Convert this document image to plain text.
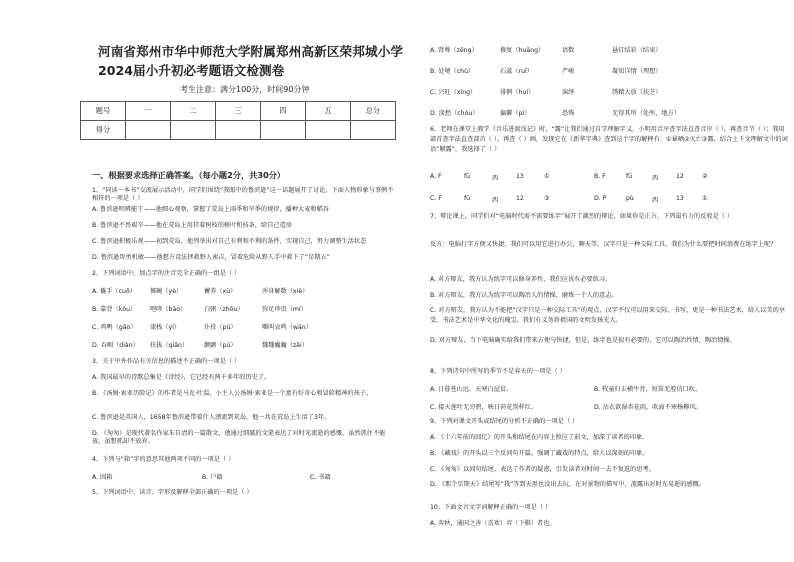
河南省郑州市华中师范大学附属郑州高新区荣邦城小学2024届小升初必考题语文检测卷
考生注意：满分100分，时间90分钟
题号	一	二	三	四	五	总分
得分						
一、根据要求选择正确答案。（每小题2分，共30分）
1、“同读一本书”交流展示活动中，同学们围绕“我眼中的鲁滨逊”这一话题展开了讨论。下面人物形象与事例不相符的一项是（ ）
A. 鲁滨逊明辨能干——他细心观察，掌握了荒岛上雨季和旱季的规律，播种大麦和稻谷
B. 鲁滨逊不畏艰辛——他在荒岛上用挂着树枝的树叶和枝条，给自己造房
C. 鲁滨逊积极乐观——初到荒岛，他列举出对自己有利和不利的条件，实现自己，努力调整生活状态
D. 鲁滨逊智勇机敏——他想方设法拯救野人索吉，冒着危险从野人手中救下了“星期五”
2、下列词语中，加点字的注音完全正确的一组是（ ）
A. 撬手（cuō） 掷碗（yè）	蓄养（xù）	浑身解数（xiè）
B. 靠背（kōu） 咆哮（bāo）	白粥（zhōu）	弥足珍贵（mí）
C. 鸡鸭（gāo） 漆栈（yí）	仆役（pú）	嘶叫哀鸣（wán）
D. 吞咽（diàn） 扶拔（qiān）	颤颤（pú）	魏魏巍巍（zǎi）
3、关于中外作品有关信息的描述不正确的一项是（ ）
A. 我国最早的诗歌总集是《诗经》，它已经有两千多年的历史了。
B. 《汤姆·索亚历险记》的作者是马克·吐温，小主人公汤姆·索亚是一个富有好奇心和冒险精神的孩子。
C. 鲁滨逊是英国人，1658年鲁滨逊带着什人漂流到荒岛，他一共在荒岛上生活了3年。
D. 《匆匆》是现代著名作家朱自清的一篇散文，他通过细腻的文笔表达了对时光流逝的感慨，虽然抓住不能放，虽想抓却不放弃。
4、下列与“箱”字的意思其他两项不同的一项是（ ）
A. 围箱	B. 户籍	C. 书籍
5、下列词语中，读音、字形及解释全部正确的一项是（ ）
A. 肾尊（zēng）	修复（huāng）	语数	悬灯结彩（结束）
B. 处境（chǔ）	石蕊（ruǐ）	严峻	凝知详情（理想）
C. 兴旺（xīng）	徘徊（huí）	演绎	绣精大放（扶芝）
D. 淡愁（chóu）	偏僻（pì）	恐怖	无得其所（处所，地方）
6、老师在课堂上教学《音乐进渡浅记》时，“露”让我们通过自学理解字义，小明用音序查字法直查音序（ ），再查音节（ ）；我用部首查字法直查部首（ ），再查（ ）画，发现它在《新华字典》查到这个字的解释有：①暴晒②灭亡③露，结合上下文理解文中的词语“顺露”，我选择了（ ）
A. F	fū	西	13	①	B. F	fū	西	12	②
C. F	fū	西	12	③	D. P	pù	西	13	①
7、辩论课上，同学们对“电脑时代需不需要练字”展开了激烈的辩论，如果你是正方，下列最有力的反驳是（ ）
反方：电脑打字方便又快捷，我们可以用它进行办公、聊天等，汉字只是一种交际工具，我们为什么要把时间浪费在练字上呢？
A. 对方辩友，我方认为练字可以修身养性，我们应该有必要练习。
B. 对方辩友，我方认为练字可以陶冶人的情操，磨炼一个人的意志。
C. 对方辩友，我方认为不能把“汉字只是一种交际工具”的观点，汉字不仅可以用来交际、书写，更是一种书法艺术，给人以美的享受，书法艺术是中华文化的瑰宝，我们有义务将祖国的文明发扬光大。
D. 对方辩友，当下电脑确实给我们带来方便与快捷，但是，练字也是很有必要的，它可以陶冶性情，陶冶情操。
8、下列诗句中所写的季节不是春天的一项是（ ）
A. 日暮苍山远，天寒白屋贫。	B. 牧童归去横牛背，短笛无腔信口吹。
C. 接天莲叶无穷碧，映日荷花别样红。	D. 沾衣欲湿杏花雨，吹面不寒杨柳风。
9、下列对课文开头或结尾的分析不正确的一项是（ ）
A. 《十六年前的回忆》的开头和结尾在内容上照应了前文，加深了读者的印象。
B. 《藏戏》的开头以三个反问句开篇，强调了藏戏的特点，给人以深刻的印象。
C. 《匆匆》以问句结尾，表达了作者的疑惑，引发读者对时间一去不复返的思考。
D. 《那个星期天》结尾写“我”等到天黑也没出去玩，在对景物的描写中，流露出对时光易逝的感慨。
10、下面文言文字词解释正确的一项是（ ）
A. 弈秋，通国之善（喜欢）弈（下棋）者也。
